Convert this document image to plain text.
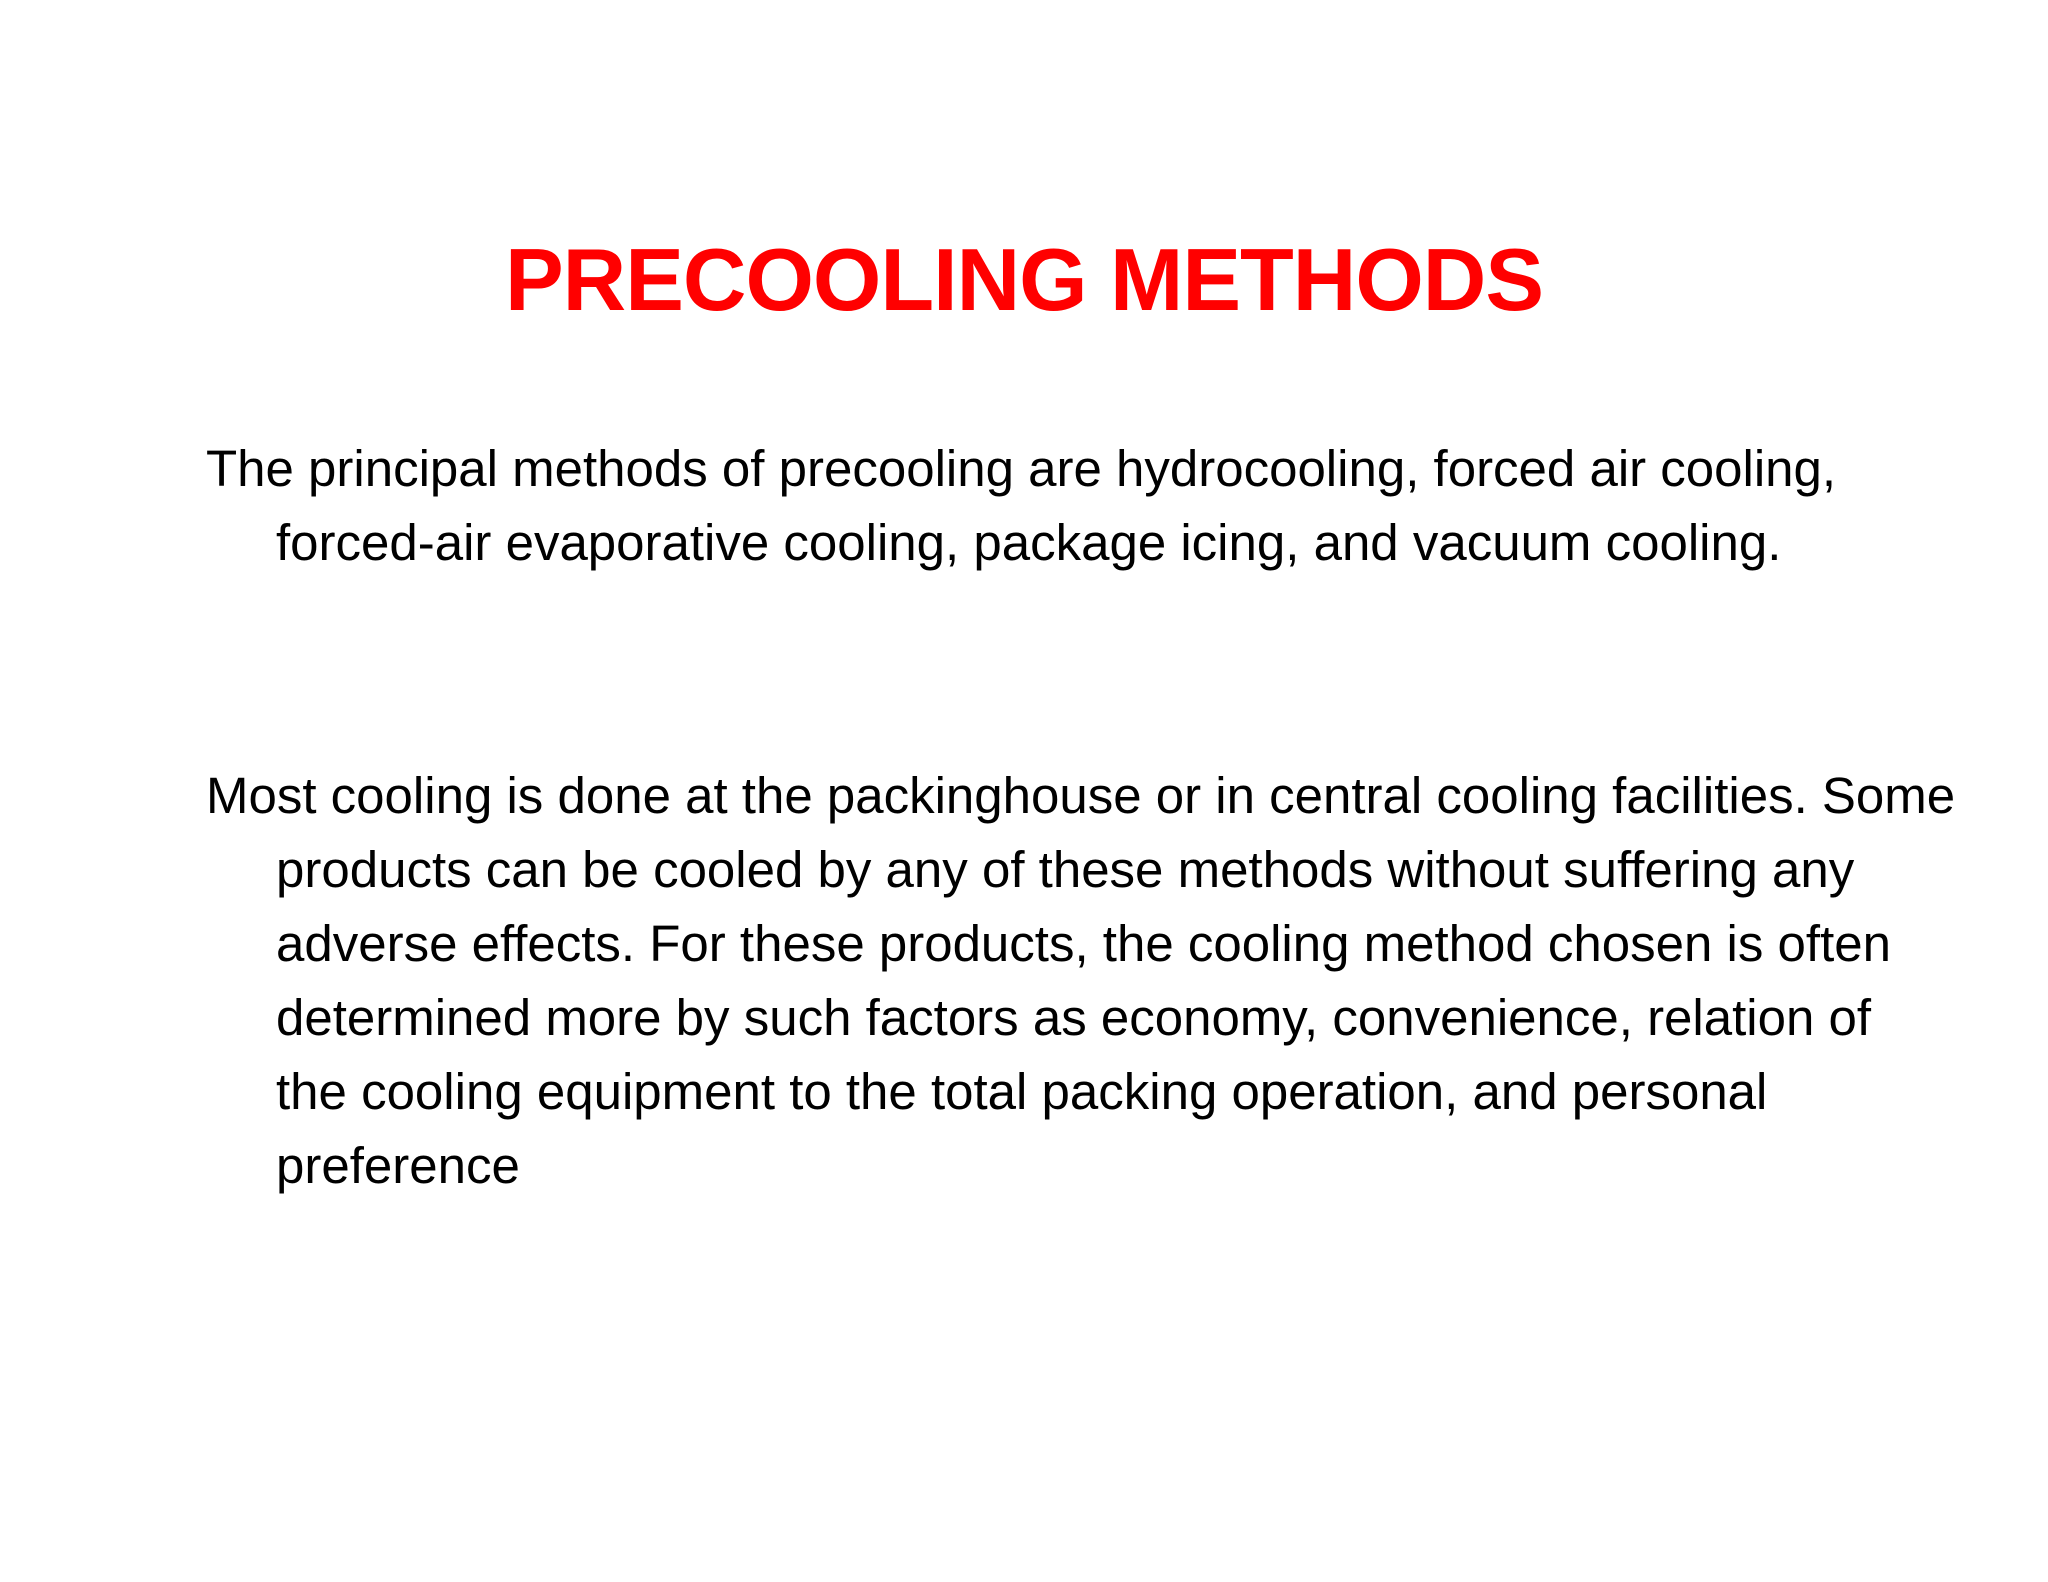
PRECOOLING METHODS

The principal methods of precooling are hydrocooling, forced air cooling, forced-air evaporative cooling, package icing, and vacuum cooling.

Most cooling is done at the packinghouse or in central cooling facilities. Some products can be cooled by any of these methods without suffering any adverse effects. For these products, the cooling method chosen is often determined more by such factors as economy, convenience, relation of the cooling equipment to the total packing operation, and personal preference
